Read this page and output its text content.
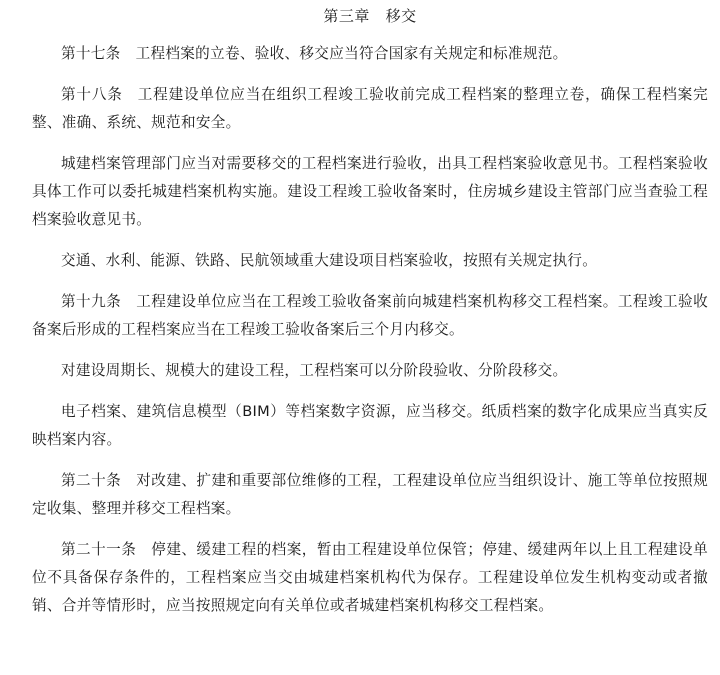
第三章   移交

第十七条 工程档案的立卷、验收、移交应当符合国家有关规定和标准规范。

第十八条 工程建设单位应当在组织工程竣工验收前完成工程档案的整理立卷，确保工程档案完整、准确、系统、规范和安全。

城建档案管理部门应当对需要移交的工程档案进行验收，出具工程档案验收意见书。工程档案验收具体工作可以委托城建档案机构实施。建设工程竣工验收备案时，住房城乡建设主管部门应当查验工程档案验收意见书。

交通、水利、能源、铁路、民航领域重大建设项目档案验收，按照有关规定执行。

第十九条 工程建设单位应当在工程竣工验收备案前向城建档案机构移交工程档案。工程竣工验收备案后形成的工程档案应当在工程竣工验收备案后三个月内移交。

对建设周期长、规模大的建设工程，工程档案可以分阶段验收、分阶段移交。

电子档案、建筑信息模型（BIM）等档案数字资源，应当移交。纸质档案的数字化成果应当真实反映档案内容。

第二十条 对改建、扩建和重要部位维修的工程，工程建设单位应当组织设计、施工等单位按照规定收集、整理并移交工程档案。

第二十一条 停建、缓建工程的档案，暂由工程建设单位保管；停建、缓建两年以上且工程建设单位不具备保存条件的，工程档案应当交由城建档案机构代为保存。工程建设单位发生机构变动或者撤销、合并等情形时，应当按照规定向有关单位或者城建档案机构移交工程档案。
